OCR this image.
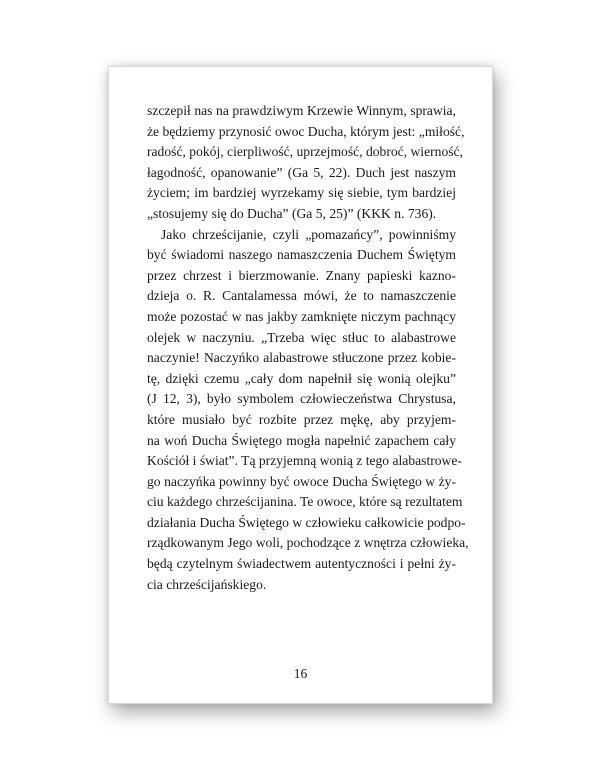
szczepił nas na prawdziwym Krzewie Winnym, sprawia,
że będziemy przynosić owoc Ducha, którym jest: „miłość,
radość, pokój, cierpliwość, uprzejmość, dobroć, wierność,
łagodność, opanowanie” (Ga 5, 22). Duch jest naszym
życiem; im bardziej wyrzekamy się siebie, tym bardziej
„stosujemy się do Ducha” (Ga 5, 25)” (KKK n. 736).
Jako chrześcijanie, czyli „pomazańcy”, powinniśmy
być świadomi naszego namaszczenia Duchem Świętym
przez chrzest i bierzmowanie. Znany papieski kazno-
dzieja o. R. Cantalamessa mówi, że to namaszczenie
może pozostać w nas jakby zamknięte niczym pachnący
olejek w naczyniu. „Trzeba więc stłuc to alabastrowe
naczynie! Naczyńko alabastrowe stłuczone przez kobie-
tę, dzięki czemu „cały dom napełnił się wonią olejku”
(J 12, 3), było symbolem człowieczeństwa Chrystusa,
które musiało być rozbite przez mękę, aby przyjem-
na woń Ducha Świętego mogła napełnić zapachem cały
Kościół i świat”. Tą przyjemną wonią z tego alabastrowe-
go naczyńka powinny być owoce Ducha Świętego w ży-
ciu każdego chrześcijanina. Te owoce, które są rezultatem
działania Ducha Świętego w człowieku całkowicie podpo-
rządkowanym Jego woli, pochodzące z wnętrza człowieka,
będą czytelnym świadectwem autentyczności i pełni ży-
cia chrześcijańskiego.
16
